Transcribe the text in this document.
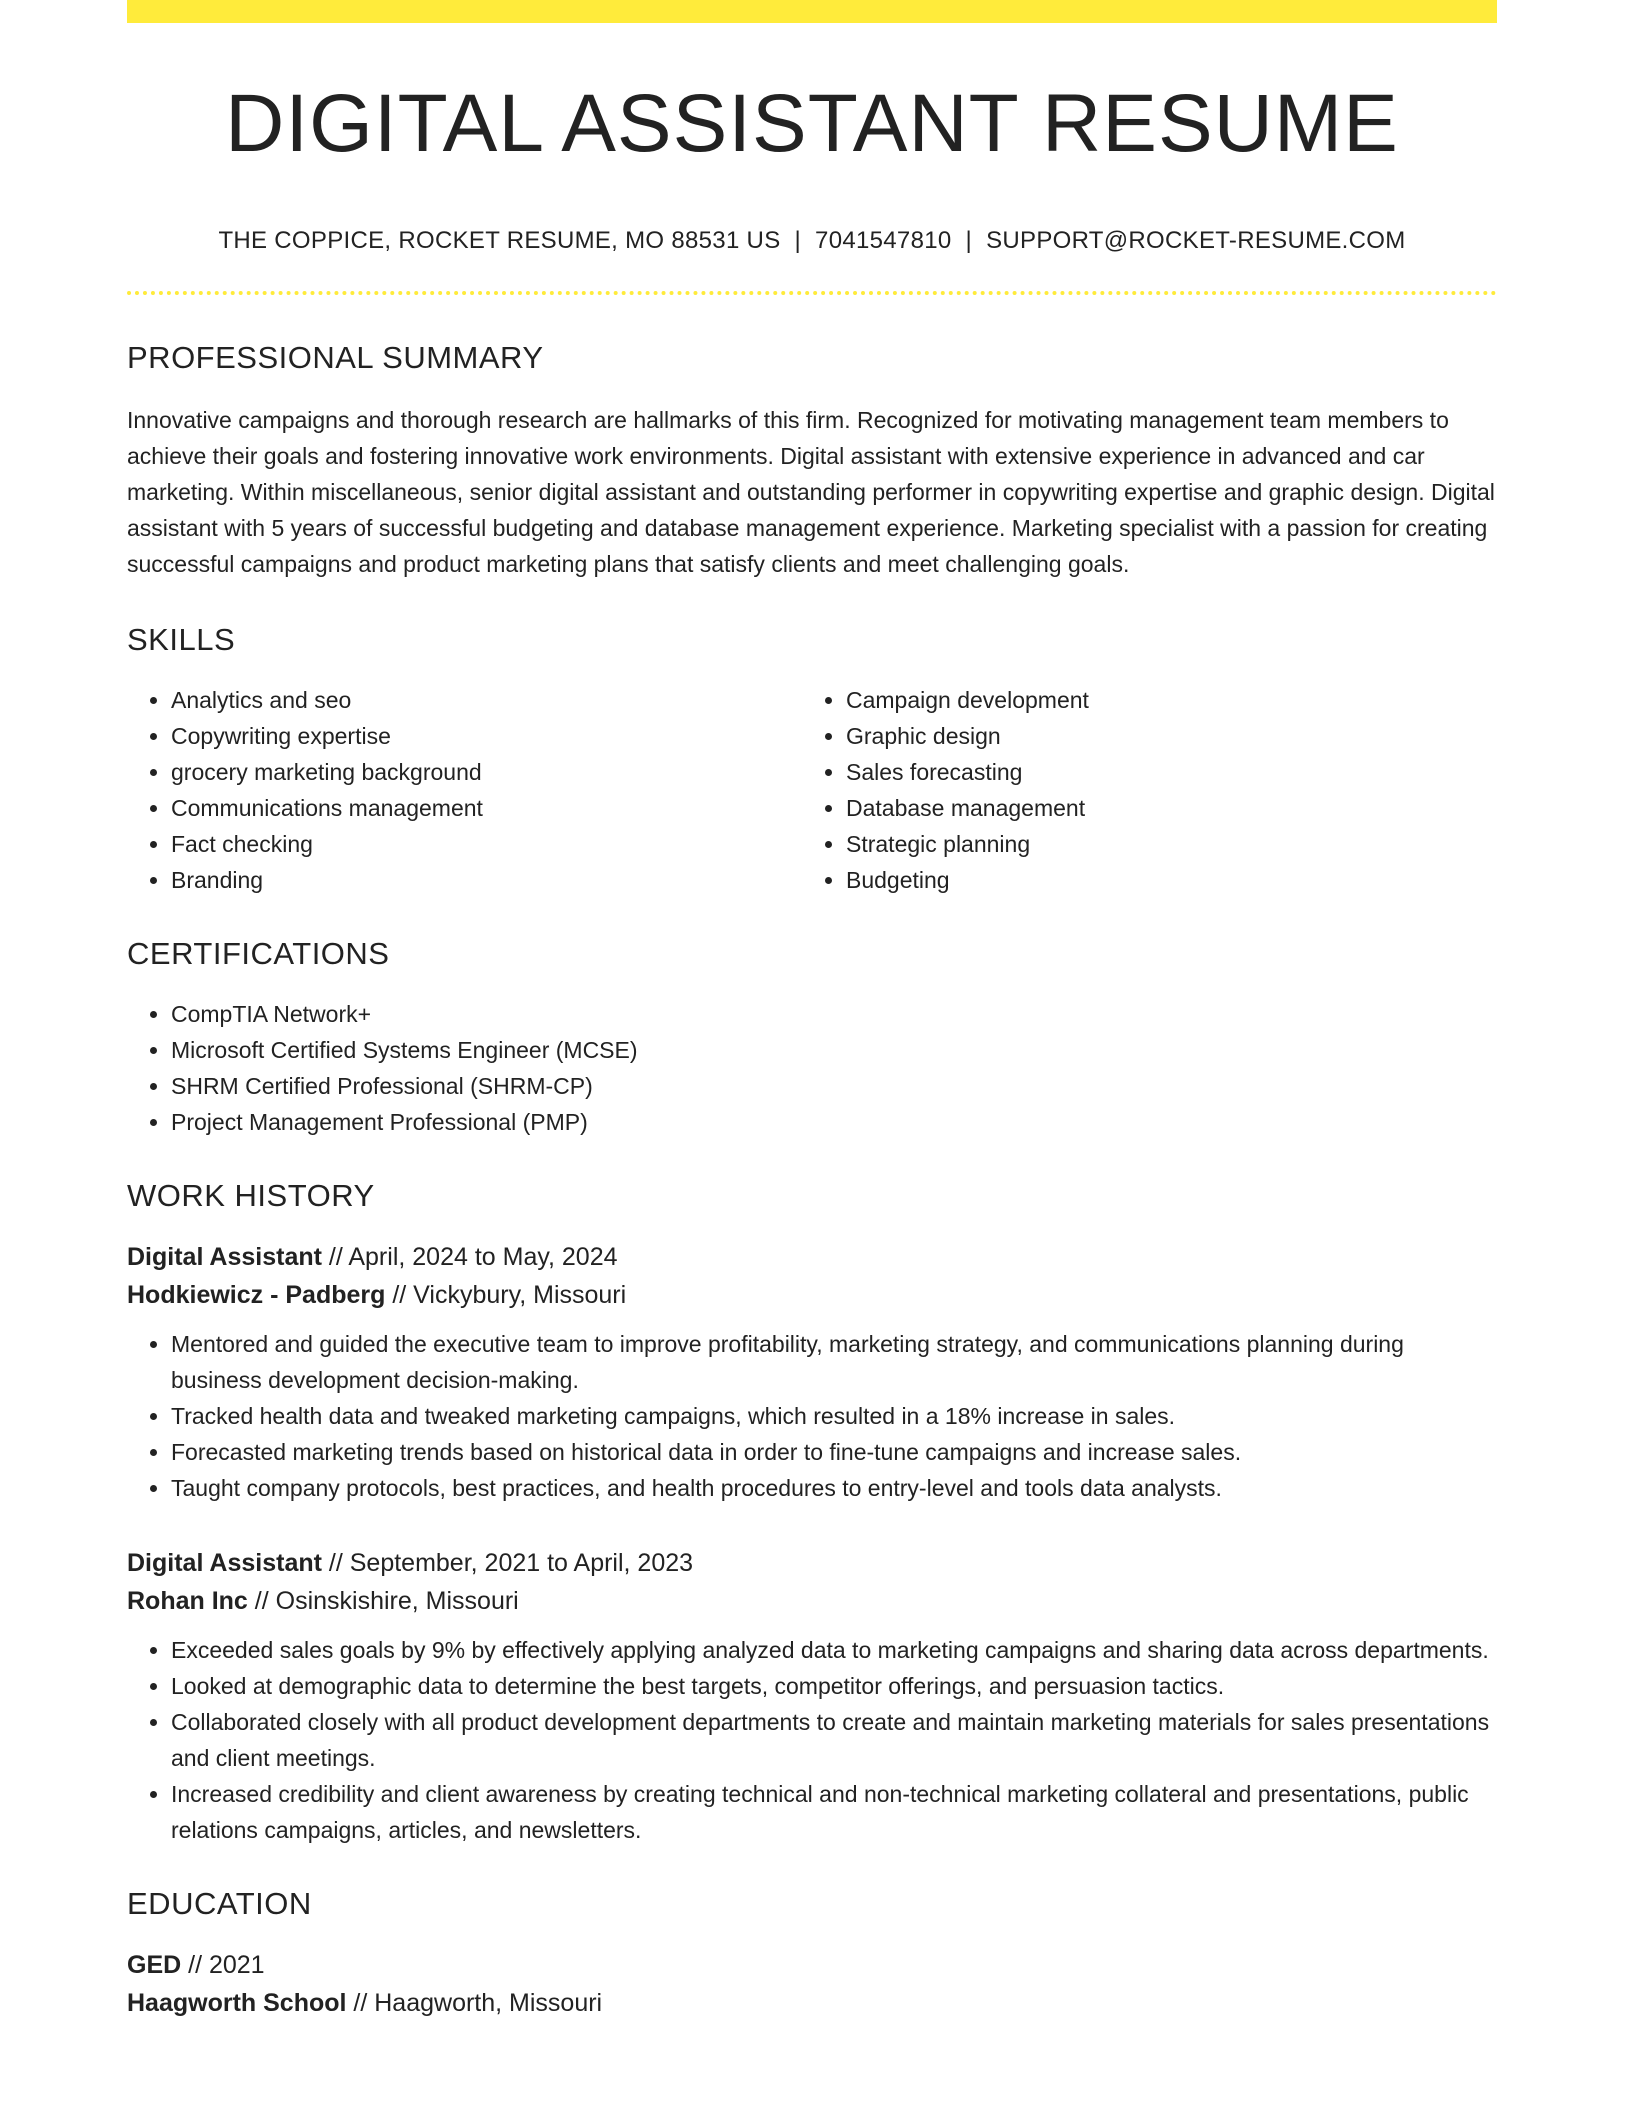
DIGITAL ASSISTANT RESUME
THE COPPICE, ROCKET RESUME, MO 88531 US | 7041547810 | SUPPORT@ROCKET-RESUME.COM
PROFESSIONAL SUMMARY
Innovative campaigns and thorough research are hallmarks of this firm. Recognized for motivating management team members to achieve their goals and fostering innovative work environments. Digital assistant with extensive experience in advanced and car marketing. Within miscellaneous, senior digital assistant and outstanding performer in copywriting expertise and graphic design. Digital assistant with 5 years of successful budgeting and database management experience. Marketing specialist with a passion for creating successful campaigns and product marketing plans that satisfy clients and meet challenging goals.
SKILLS
• Analytics and seo
• Copywriting expertise
• grocery marketing background
• Communications management
• Fact checking
• Branding
• Campaign development
• Graphic design
• Sales forecasting
• Database management
• Strategic planning
• Budgeting
CERTIFICATIONS
• CompTIA Network+
• Microsoft Certified Systems Engineer (MCSE)
• SHRM Certified Professional (SHRM-CP)
• Project Management Professional (PMP)
WORK HISTORY
Digital Assistant // April, 2024 to May, 2024
Hodkiewicz - Padberg // Vickybury, Missouri
• Mentored and guided the executive team to improve profitability, marketing strategy, and communications planning during business development decision-making.
• Tracked health data and tweaked marketing campaigns, which resulted in a 18% increase in sales.
• Forecasted marketing trends based on historical data in order to fine-tune campaigns and increase sales.
• Taught company protocols, best practices, and health procedures to entry-level and tools data analysts.
Digital Assistant // September, 2021 to April, 2023
Rohan Inc // Osinskishire, Missouri
• Exceeded sales goals by 9% by effectively applying analyzed data to marketing campaigns and sharing data across departments.
• Looked at demographic data to determine the best targets, competitor offerings, and persuasion tactics.
• Collaborated closely with all product development departments to create and maintain marketing materials for sales presentations and client meetings.
• Increased credibility and client awareness by creating technical and non-technical marketing collateral and presentations, public relations campaigns, articles, and newsletters.
EDUCATION
GED // 2021
Haagworth School // Haagworth, Missouri
